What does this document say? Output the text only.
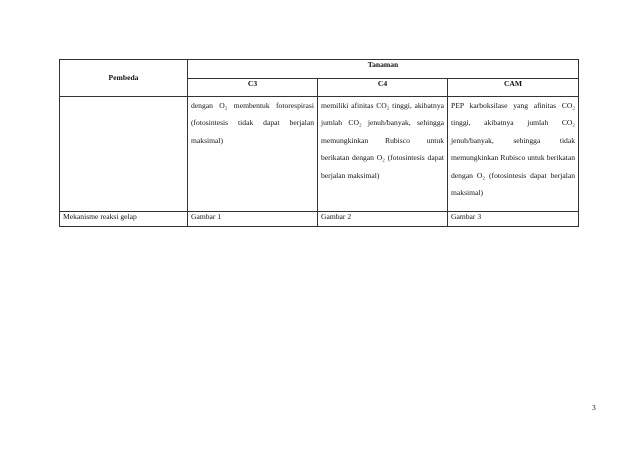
Pembeda	Tanaman		
	C3	C4	CAM
	dengan O₂ membentuk fotorespirasi (fotosintesis tidak dapat berjalan maksimal)	memiliki afinitas CO₂ tinggi, akibatnya jumlah CO₂ jenuh/banyak, sehingga memungkinkan Rubisco untuk berikatan dengan O₂ (fotosintesis dapat berjalan maksimal)	PEP karboksilase yang afinitas CO₂ tinggi, akibatnya jumlah CO₂ jenuh/banyak, sehingga tidak memungkinkan Rubisco untuk berikatan dengan O₂ (fotosintesis dapat berjalan maksimal)
Mekanisme reaksi gelap	Gambar 1	Gambar 2	Gambar 3
3
